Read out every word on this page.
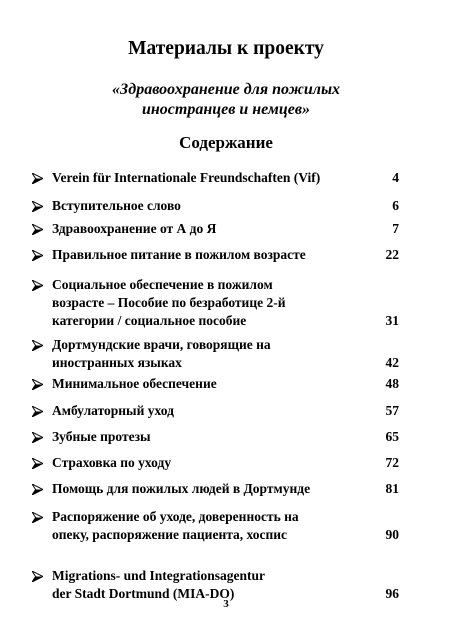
Материалы к проекту
«Здравоохранение для пожилых
иностранцев и немцев»
Содержание
Verein für Internationale Freundschaften (Vif)	4
Вступительное слово	6
Здравоохранение от А до Я	7
Правильное питание в пожилом возрасте	22
Социальное обеспечение в пожилом
возрасте – Пособие по безработице 2-й
категории / социальное пособие	31
Дортмундские врачи, говорящие на
иностранных языках	42
Минимальное обеспечение	48
Амбулаторный уход	57
Зубные протезы	65
Страховка по уходу	72
Помощь для пожилых людей в Дортмунде	81
Распоряжение об уходе, доверенность на
опеку, распоряжение пациента, хоспис	90
Migrations- und Integrationsagentur
der Stadt Dortmund (MIA-DO)	96
3
